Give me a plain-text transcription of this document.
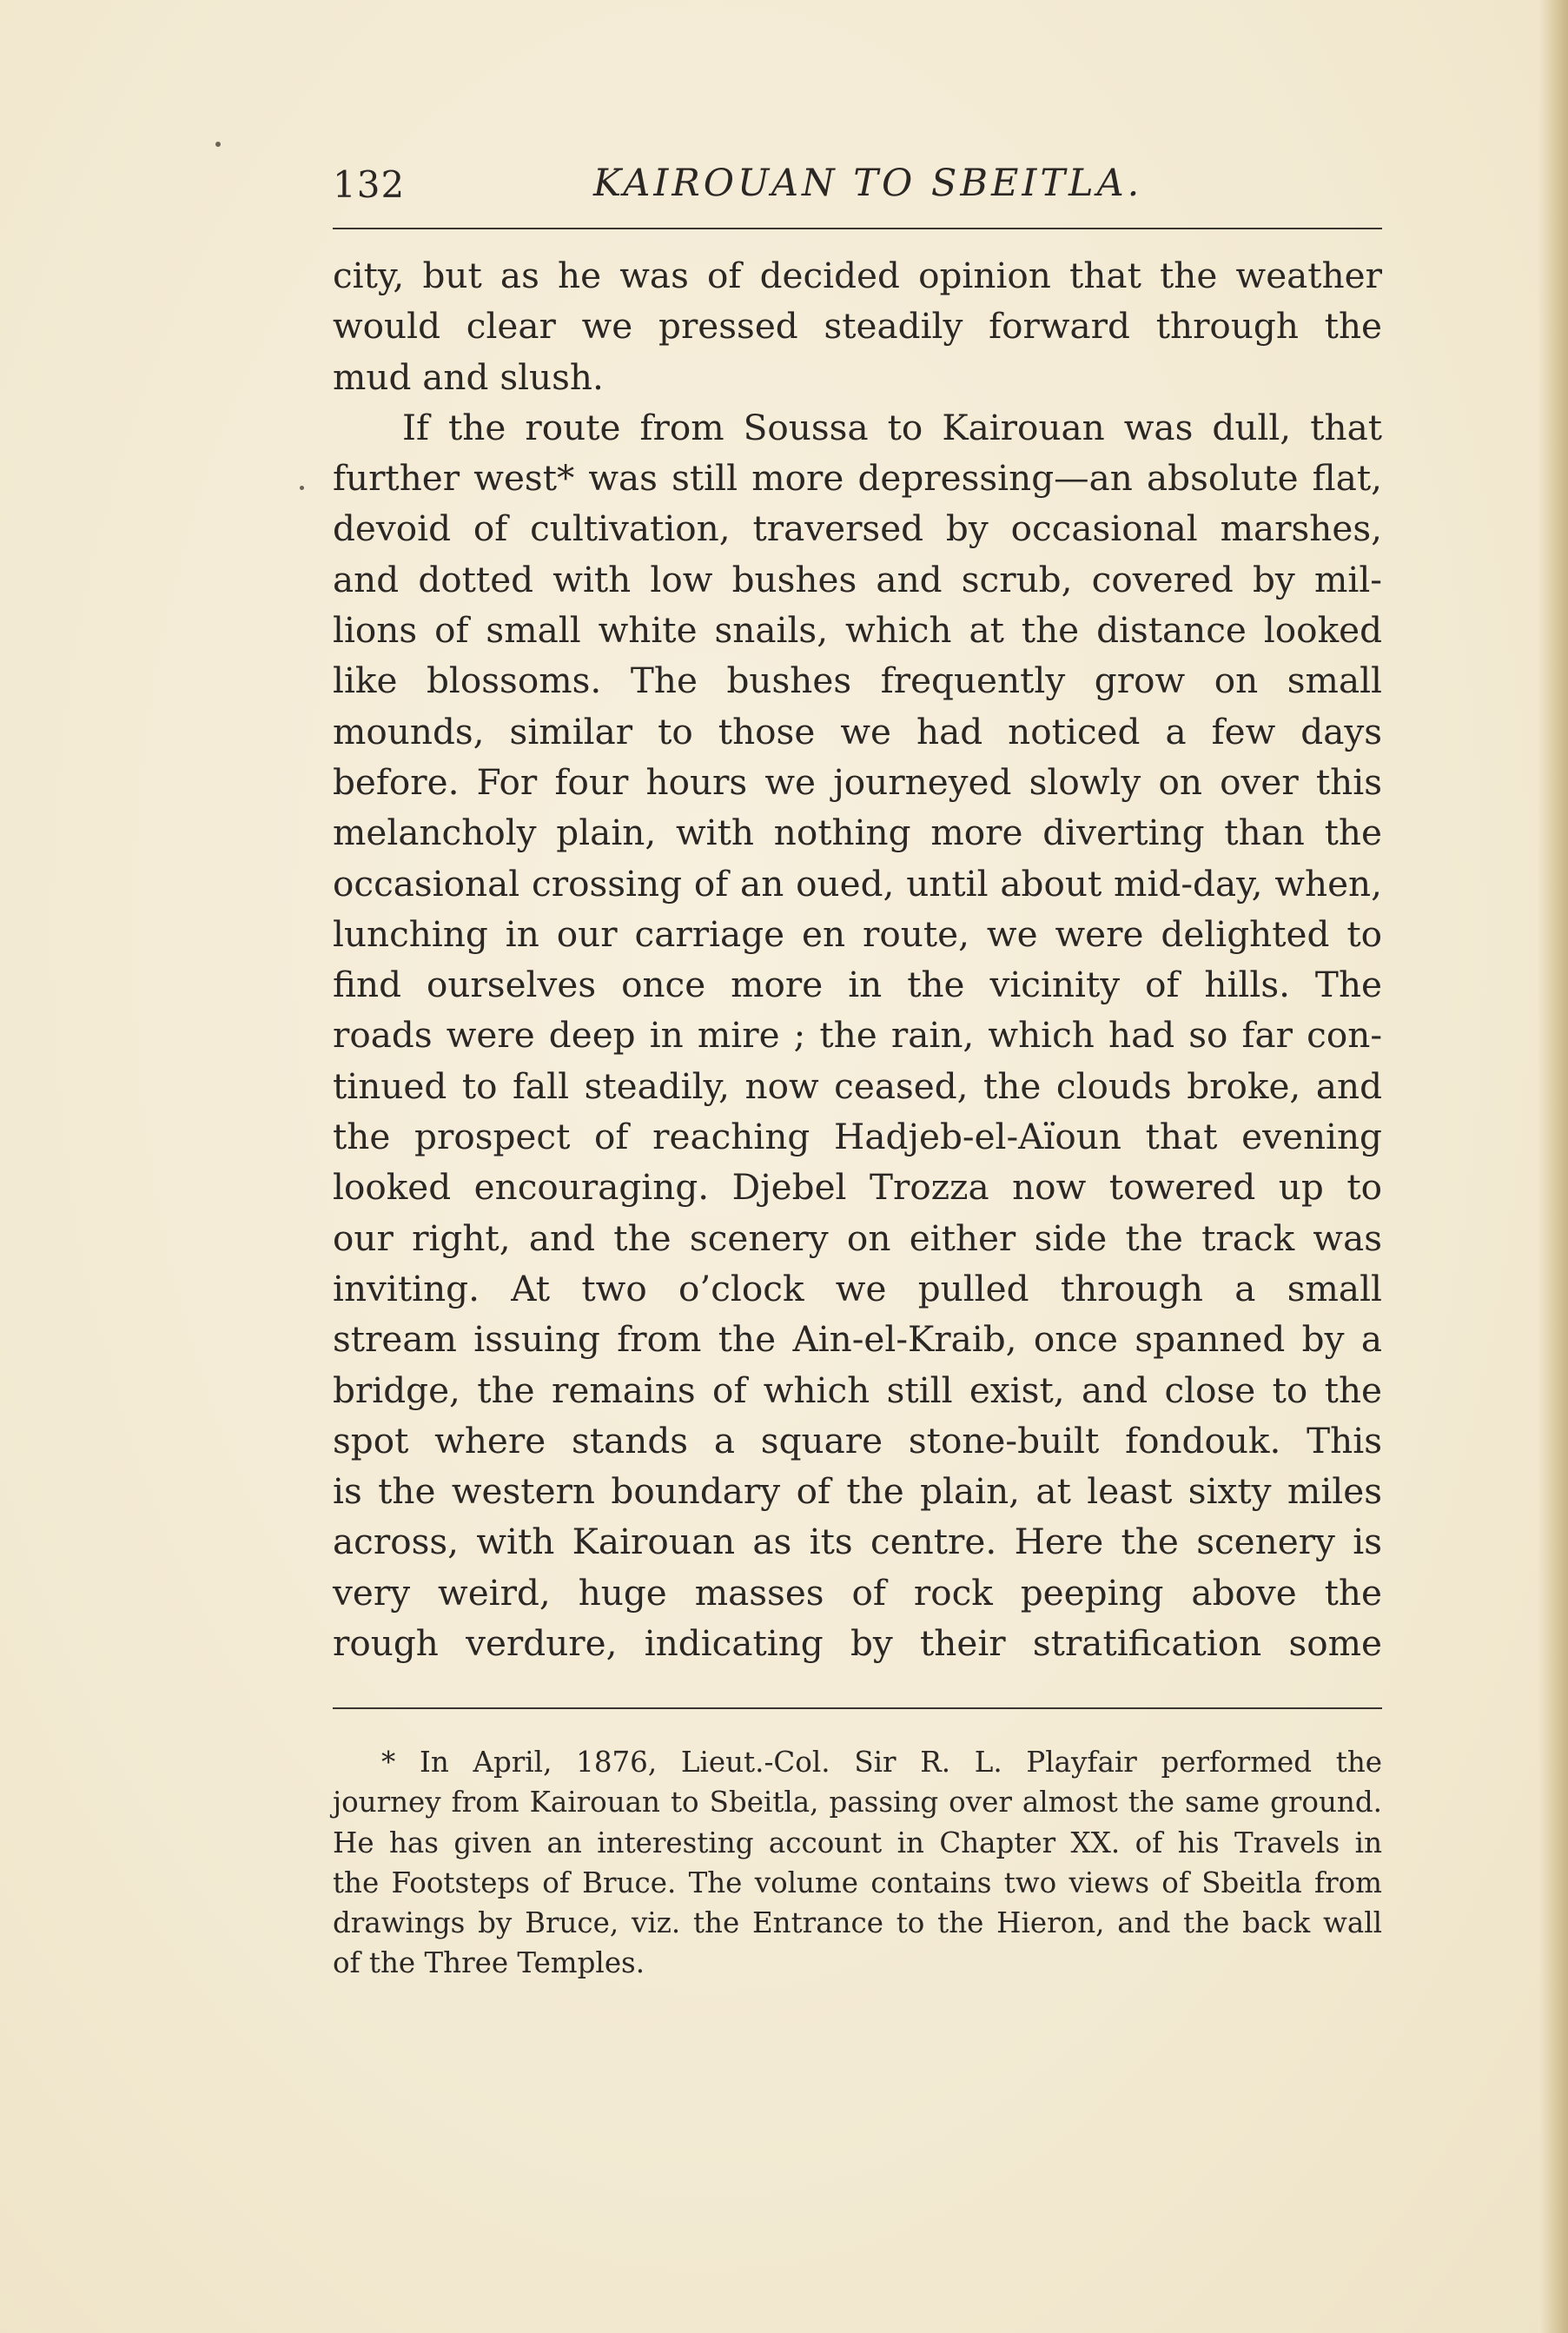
132	KAIROUAN TO SBEITLA.
city, but as he was of decided opinion that the weather
would clear we pressed steadily forward through the
mud and slush.
If the route from Soussa to Kairouan was dull, that
further west* was still more depressing—an absolute flat,
devoid of cultivation, traversed by occasional marshes,
and dotted with low bushes and scrub, covered by mil-
lions of small white snails, which at the distance looked
like blossoms. The bushes frequently grow on small
mounds, similar to those we had noticed a few days
before. For four hours we journeyed slowly on over this
melancholy plain, with nothing more diverting than the
occasional crossing of an oued, until about mid-day, when,
lunching in our carriage en route, we were delighted to
find ourselves once more in the vicinity of hills. The
roads were deep in mire ; the rain, which had so far con-
tinued to fall steadily, now ceased, the clouds broke, and
the prospect of reaching Hadjeb-el-Aïoun that evening
looked encouraging. Djebel Trozza now towered up to
our right, and the scenery on either side the track was
inviting. At two o’clock we pulled through a small
stream issuing from the Ain-el-Kraib, once spanned by a
bridge, the remains of which still exist, and close to the
spot where stands a square stone-built fondouk. This
is the western boundary of the plain, at least sixty miles
across, with Kairouan as its centre. Here the scenery is
very weird, huge masses of rock peeping above the
rough verdure, indicating by their stratification some
* In April, 1876, Lieut.-Col. Sir R. L. Playfair performed the
journey from Kairouan to Sbeitla, passing over almost the same ground.
He has given an interesting account in Chapter XX. of his Travels in
the Footsteps of Bruce. The volume contains two views of Sbeitla from
drawings by Bruce, viz. the Entrance to the Hieron, and the back wall
of the Three Temples.
